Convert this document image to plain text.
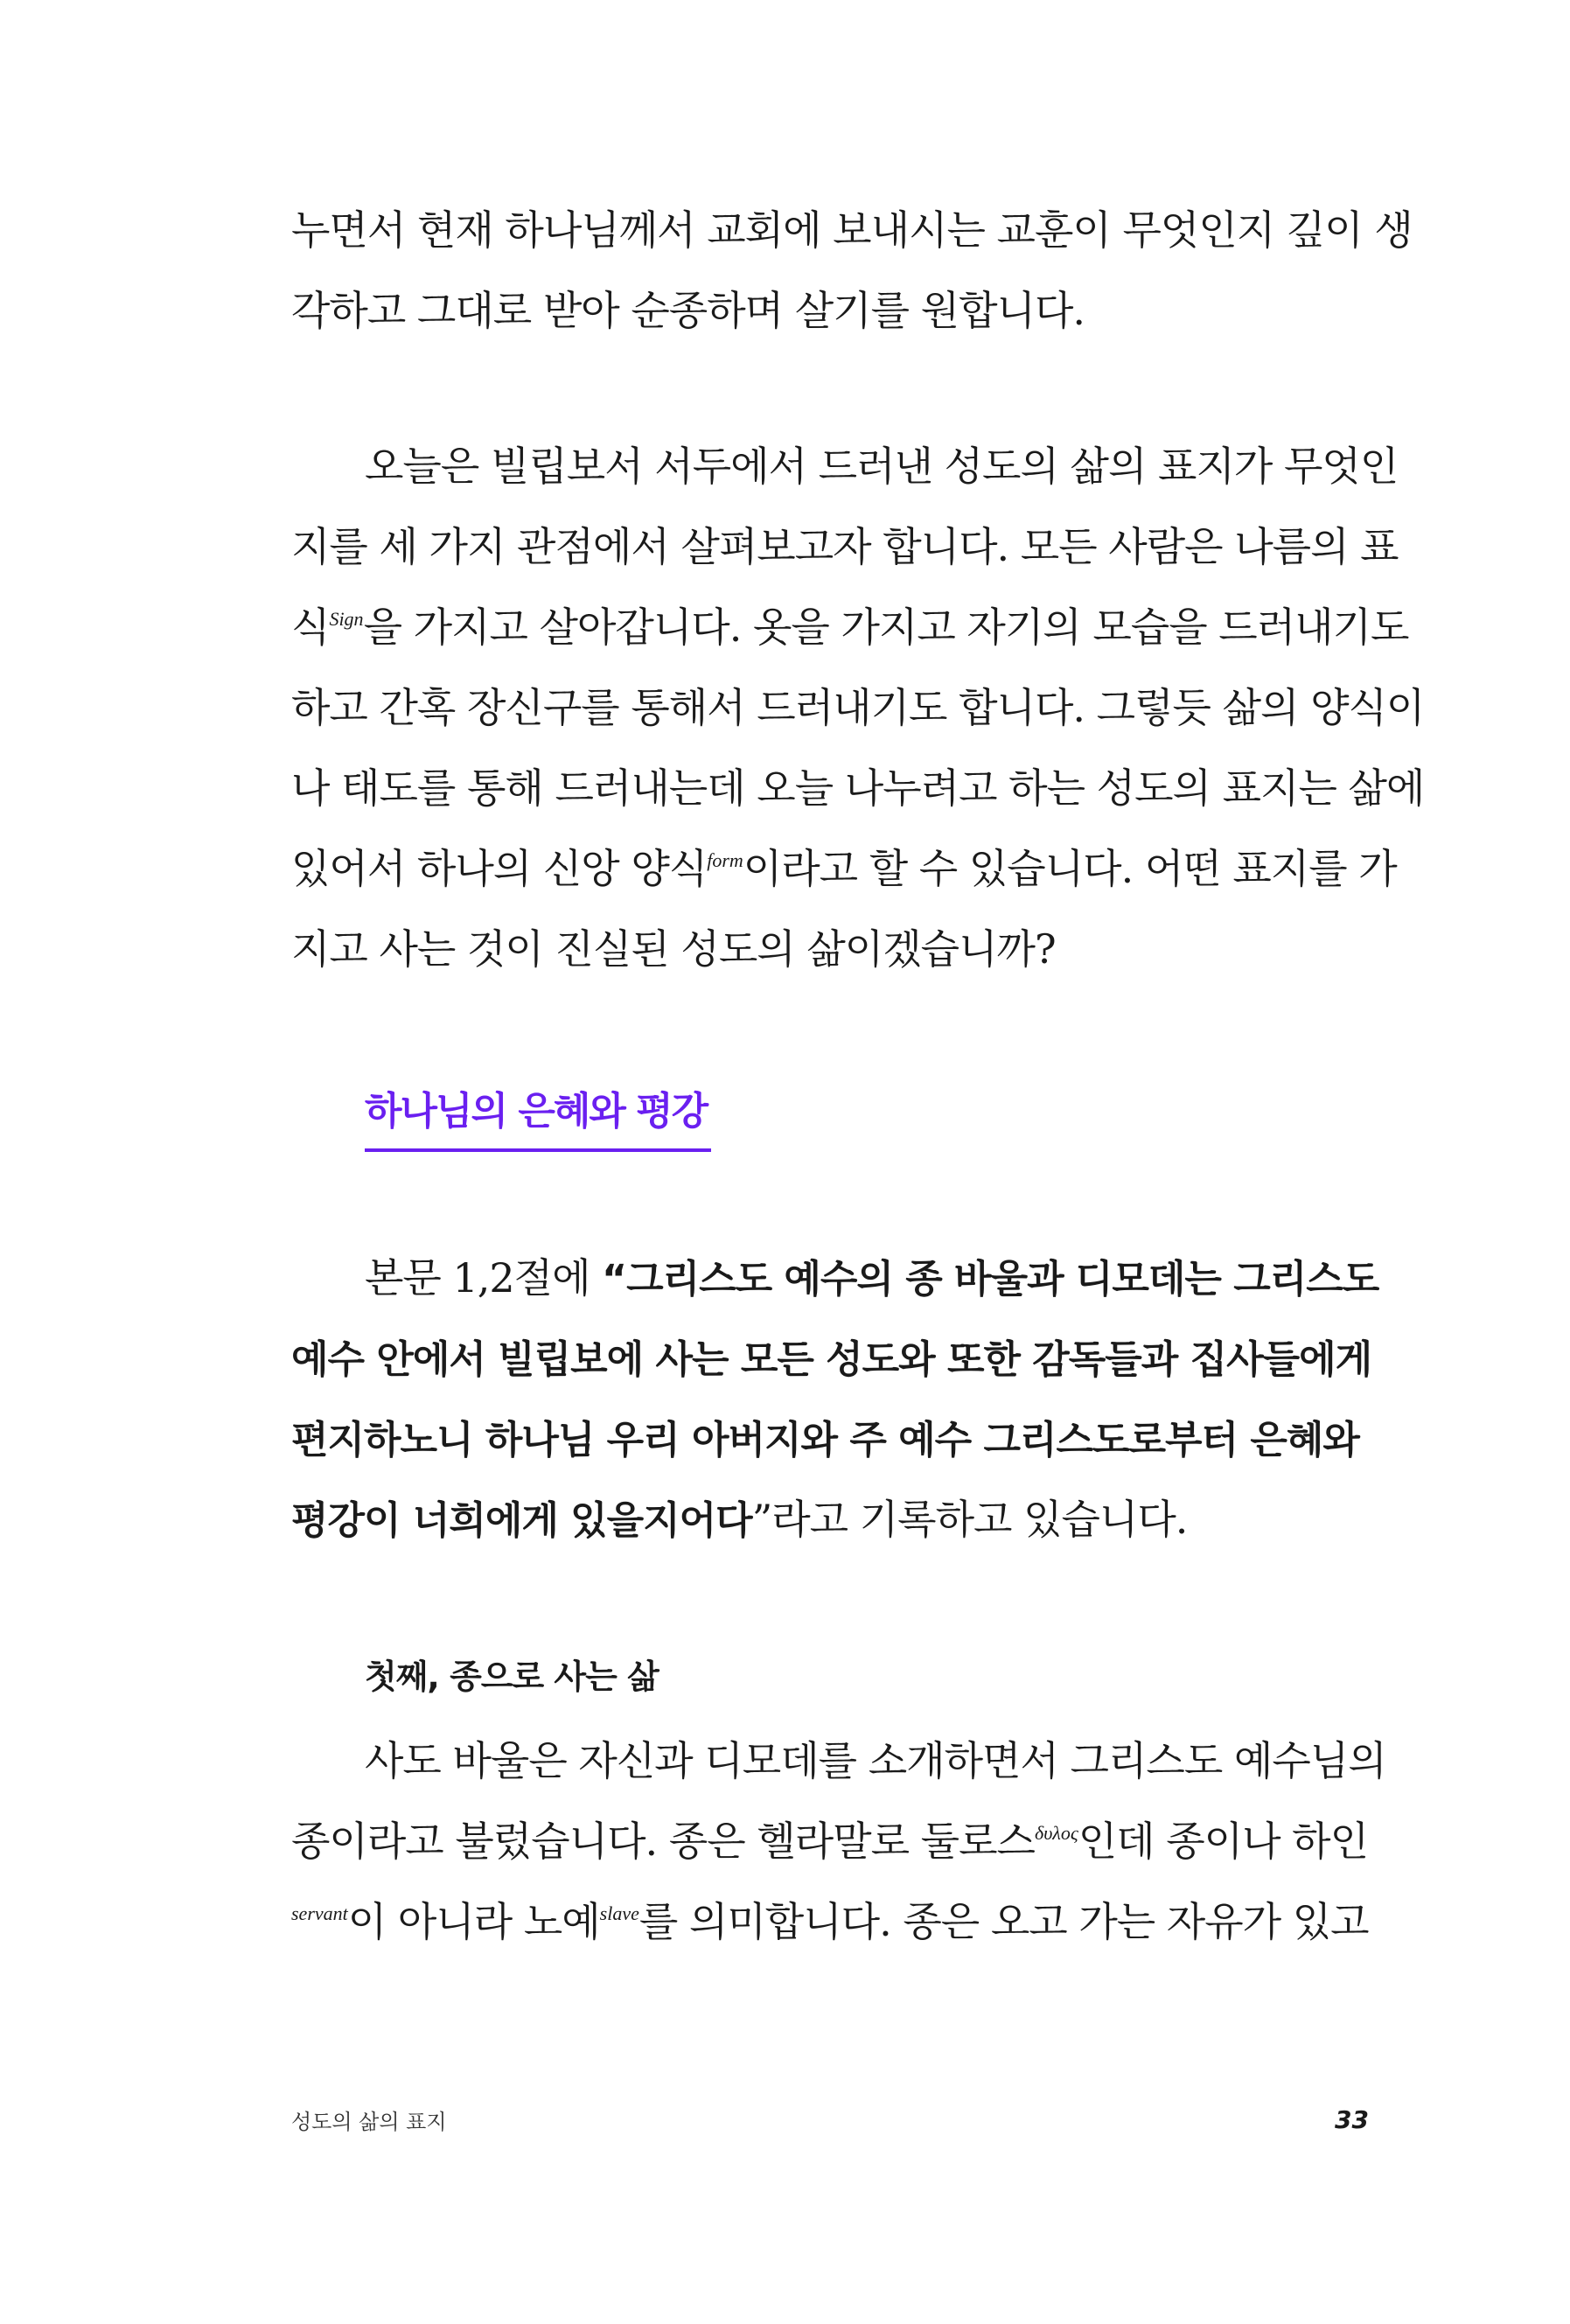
누면서 현재 하나님께서 교회에 보내시는 교훈이 무엇인지 깊이 생
각하고 그대로 받아 순종하며 살기를 원합니다.
오늘은 빌립보서 서두에서 드러낸 성도의 삶의 표지가 무엇인
지를 세 가지 관점에서 살펴보고자 합니다. 모든 사람은 나름의 표
식$^{Sign}$을 가지고 살아갑니다. 옷을 가지고 자기의 모습을 드러내기도
하고 간혹 장신구를 통해서 드러내기도 합니다. 그렇듯 삶의 양식이
나 태도를 통해 드러내는데 오늘 나누려고 하는 성도의 표지는 삶에
있어서 하나의 신앙 양식$^{form}$이라고 할 수 있습니다. 어떤 표지를 가
지고 사는 것이 진실된 성도의 삶이겠습니까?
하나님의 은혜와 평강
본문 1,2절에 “그리스도 예수의 종 바울과 디모데는 그리스도
예수 안에서 빌립보에 사는 모든 성도와 또한 감독들과 집사들에게
편지하노니 하나님 우리 아버지와 주 예수 그리스도로부터 은혜와
평강이 너희에게 있을지어다”라고 기록하고 있습니다.
첫째, 종으로 사는 삶
사도 바울은 자신과 디모데를 소개하면서 그리스도 예수님의
종이라고 불렀습니다. 종은 헬라말로 둘로스$^{\delta\upsilon\lambda o\varsigma}$인데 종이나 하인
$^{servant}$이 아니라 노예$^{slave}$를 의미합니다. 종은 오고 가는 자유가 있고
성도의 삶의 표지	33
